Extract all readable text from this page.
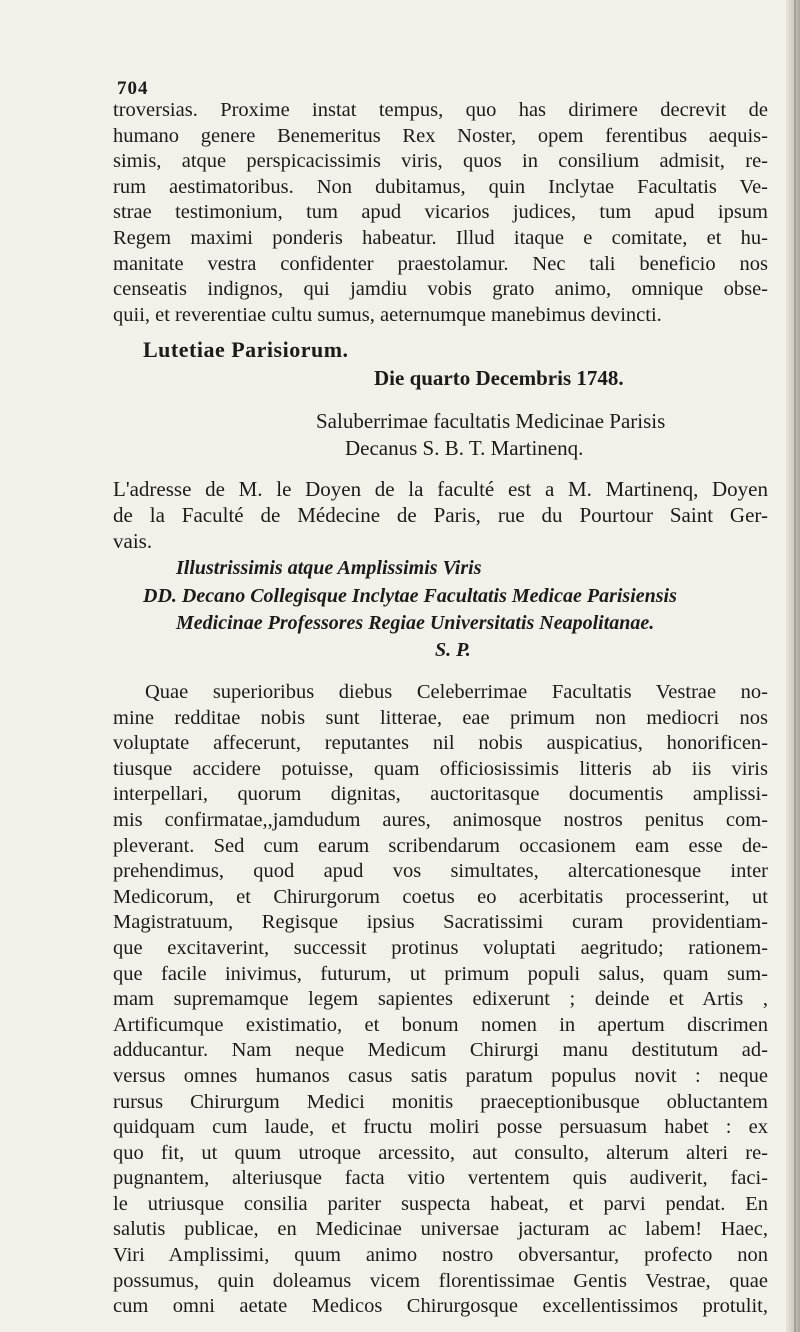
704
troversias. Proxime instat tempus, quo has dirimere decrevit de
humano genere Benemeritus Rex Noster, opem ferentibus aequis-
simis, atque perspicacissimis viris, quos in consilium admisit, re-
rum aestimatoribus. Non dubitamus, quin Inclytae Facultatis Ve-
strae testimonium, tum apud vicarios judices, tum apud ipsum
Regem maximi ponderis habeatur. Illud itaque e comitate, et hu-
manitate vestra confidenter praestolamur. Nec tali beneficio nos
censeatis indignos, qui jamdiu vobis grato animo, omnique obse-
quii, et reverentiae cultu sumus, aeternumque manebimus devincti.
Lutetiae Parisiorum.
Die quarto Decembris 1748.
Saluberrimae facultatis Medicinae Parisis
Decanus S. B. T. Martinenq.
L'adresse de M. le Doyen de la faculté est a M. Martinenq, Doyen
de la Faculté de Médecine de Paris, rue du Pourtour Saint Ger-
vais.
Illustrissimis atque Amplissimis Viris
DD. Decano Collegisque Inclytae Facultatis Medicae Parisiensis
Medicinae Professores Regiae Universitatis Neapolitanae.
S. P.
Quae superioribus diebus Celeberrimae Facultatis Vestrae no-
mine redditae nobis sunt litterae, eae primum non mediocri nos
voluptate affecerunt, reputantes nil nobis auspicatius, honorificen-
tiusque accidere potuisse, quam officiosissimis litteris ab iis viris
interpellari, quorum dignitas, auctoritasque documentis amplissi-
mis confirmatae,,jamdudum aures, animosque nostros penitus com-
pleverant. Sed cum earum scribendarum occasionem eam esse de-
prehendimus, quod apud vos simultates, altercationesque inter
Medicorum, et Chirurgorum coetus eo acerbitatis processerint, ut
Magistratuum, Regisque ipsius Sacratissimi curam providentiam-
que excitaverint, successit protinus voluptati aegritudo; rationem-
que facile inivimus, futurum, ut primum populi salus, quam sum-
mam supremamque legem sapientes edixerunt ; deinde et Artis ,
Artificumque existimatio, et bonum nomen in apertum discrimen
adducantur. Nam neque Medicum Chirurgi manu destitutum ad-
versus omnes humanos casus satis paratum populus novit : neque
rursus Chirurgum Medici monitis praeceptionibusque obluctantem
quidquam cum laude, et fructu moliri posse persuasum habet : ex
quo fit, ut quum utroque arcessito, aut consulto, alterum alteri re-
pugnantem, alteriusque facta vitio vertentem quis audiverit, faci-
le utriusque consilia pariter suspecta habeat, et parvi pendat. En
salutis publicae, en Medicinae universae jacturam ac labem! Haec,
Viri Amplissimi, quum animo nostro obversantur, profecto non
possumus, quin doleamus vicem florentissimae Gentis Vestrae, quae
cum omni aetate Medicos Chirurgosque excellentissimos protulit,
